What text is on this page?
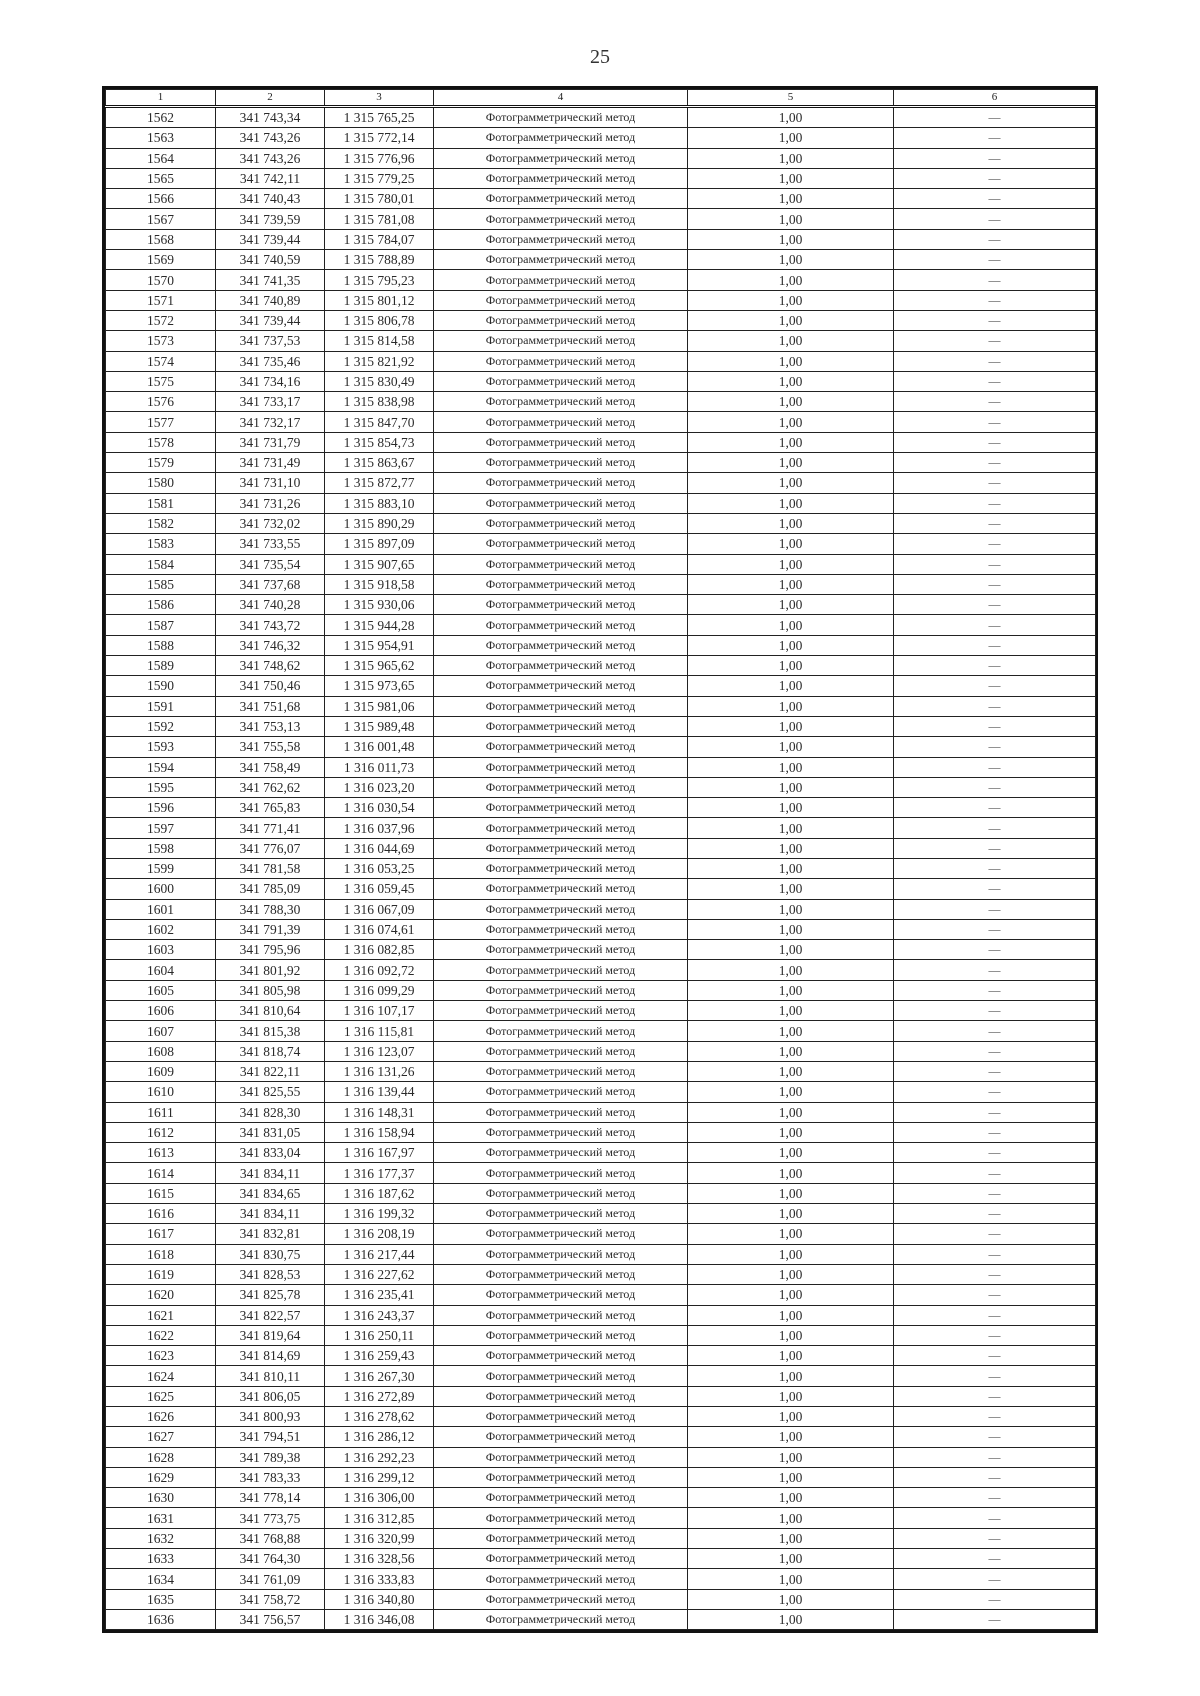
25
1	2	3	4	5	6
1562	341 743,34	1 315 765,25	Фотограмметрический метод	1,00	—
1563	341 743,26	1 315 772,14	Фотограмметрический метод	1,00	—
1564	341 743,26	1 315 776,96	Фотограмметрический метод	1,00	—
1565	341 742,11	1 315 779,25	Фотограмметрический метод	1,00	—
1566	341 740,43	1 315 780,01	Фотограмметрический метод	1,00	—
1567	341 739,59	1 315 781,08	Фотограмметрический метод	1,00	—
1568	341 739,44	1 315 784,07	Фотограмметрический метод	1,00	—
1569	341 740,59	1 315 788,89	Фотограмметрический метод	1,00	—
1570	341 741,35	1 315 795,23	Фотограмметрический метод	1,00	—
1571	341 740,89	1 315 801,12	Фотограмметрический метод	1,00	—
1572	341 739,44	1 315 806,78	Фотограмметрический метод	1,00	—
1573	341 737,53	1 315 814,58	Фотограмметрический метод	1,00	—
1574	341 735,46	1 315 821,92	Фотограмметрический метод	1,00	—
1575	341 734,16	1 315 830,49	Фотограмметрический метод	1,00	—
1576	341 733,17	1 315 838,98	Фотограмметрический метод	1,00	—
1577	341 732,17	1 315 847,70	Фотограмметрический метод	1,00	—
1578	341 731,79	1 315 854,73	Фотограмметрический метод	1,00	—
1579	341 731,49	1 315 863,67	Фотограмметрический метод	1,00	—
1580	341 731,10	1 315 872,77	Фотограмметрический метод	1,00	—
1581	341 731,26	1 315 883,10	Фотограмметрический метод	1,00	—
1582	341 732,02	1 315 890,29	Фотограмметрический метод	1,00	—
1583	341 733,55	1 315 897,09	Фотограмметрический метод	1,00	—
1584	341 735,54	1 315 907,65	Фотограмметрический метод	1,00	—
1585	341 737,68	1 315 918,58	Фотограмметрический метод	1,00	—
1586	341 740,28	1 315 930,06	Фотограмметрический метод	1,00	—
1587	341 743,72	1 315 944,28	Фотограмметрический метод	1,00	—
1588	341 746,32	1 315 954,91	Фотограмметрический метод	1,00	—
1589	341 748,62	1 315 965,62	Фотограмметрический метод	1,00	—
1590	341 750,46	1 315 973,65	Фотограмметрический метод	1,00	—
1591	341 751,68	1 315 981,06	Фотограмметрический метод	1,00	—
1592	341 753,13	1 315 989,48	Фотограмметрический метод	1,00	—
1593	341 755,58	1 316 001,48	Фотограмметрический метод	1,00	—
1594	341 758,49	1 316 011,73	Фотограмметрический метод	1,00	—
1595	341 762,62	1 316 023,20	Фотограмметрический метод	1,00	—
1596	341 765,83	1 316 030,54	Фотограмметрический метод	1,00	—
1597	341 771,41	1 316 037,96	Фотограмметрический метод	1,00	—
1598	341 776,07	1 316 044,69	Фотограмметрический метод	1,00	—
1599	341 781,58	1 316 053,25	Фотограмметрический метод	1,00	—
1600	341 785,09	1 316 059,45	Фотограмметрический метод	1,00	—
1601	341 788,30	1 316 067,09	Фотограмметрический метод	1,00	—
1602	341 791,39	1 316 074,61	Фотограмметрический метод	1,00	—
1603	341 795,96	1 316 082,85	Фотограмметрический метод	1,00	—
1604	341 801,92	1 316 092,72	Фотограмметрический метод	1,00	—
1605	341 805,98	1 316 099,29	Фотограмметрический метод	1,00	—
1606	341 810,64	1 316 107,17	Фотограмметрический метод	1,00	—
1607	341 815,38	1 316 115,81	Фотограмметрический метод	1,00	—
1608	341 818,74	1 316 123,07	Фотограмметрический метод	1,00	—
1609	341 822,11	1 316 131,26	Фотограмметрический метод	1,00	—
1610	341 825,55	1 316 139,44	Фотограмметрический метод	1,00	—
1611	341 828,30	1 316 148,31	Фотограмметрический метод	1,00	—
1612	341 831,05	1 316 158,94	Фотограмметрический метод	1,00	—
1613	341 833,04	1 316 167,97	Фотограмметрический метод	1,00	—
1614	341 834,11	1 316 177,37	Фотограмметрический метод	1,00	—
1615	341 834,65	1 316 187,62	Фотограмметрический метод	1,00	—
1616	341 834,11	1 316 199,32	Фотограмметрический метод	1,00	—
1617	341 832,81	1 316 208,19	Фотограмметрический метод	1,00	—
1618	341 830,75	1 316 217,44	Фотограмметрический метод	1,00	—
1619	341 828,53	1 316 227,62	Фотограмметрический метод	1,00	—
1620	341 825,78	1 316 235,41	Фотограмметрический метод	1,00	—
1621	341 822,57	1 316 243,37	Фотограмметрический метод	1,00	—
1622	341 819,64	1 316 250,11	Фотограмметрический метод	1,00	—
1623	341 814,69	1 316 259,43	Фотограмметрический метод	1,00	—
1624	341 810,11	1 316 267,30	Фотограмметрический метод	1,00	—
1625	341 806,05	1 316 272,89	Фотограмметрический метод	1,00	—
1626	341 800,93	1 316 278,62	Фотограмметрический метод	1,00	—
1627	341 794,51	1 316 286,12	Фотограмметрический метод	1,00	—
1628	341 789,38	1 316 292,23	Фотограмметрический метод	1,00	—
1629	341 783,33	1 316 299,12	Фотограмметрический метод	1,00	—
1630	341 778,14	1 316 306,00	Фотограмметрический метод	1,00	—
1631	341 773,75	1 316 312,85	Фотограмметрический метод	1,00	—
1632	341 768,88	1 316 320,99	Фотограмметрический метод	1,00	—
1633	341 764,30	1 316 328,56	Фотограмметрический метод	1,00	—
1634	341 761,09	1 316 333,83	Фотограмметрический метод	1,00	—
1635	341 758,72	1 316 340,80	Фотограмметрический метод	1,00	—
1636	341 756,57	1 316 346,08	Фотограмметрический метод	1,00	—
